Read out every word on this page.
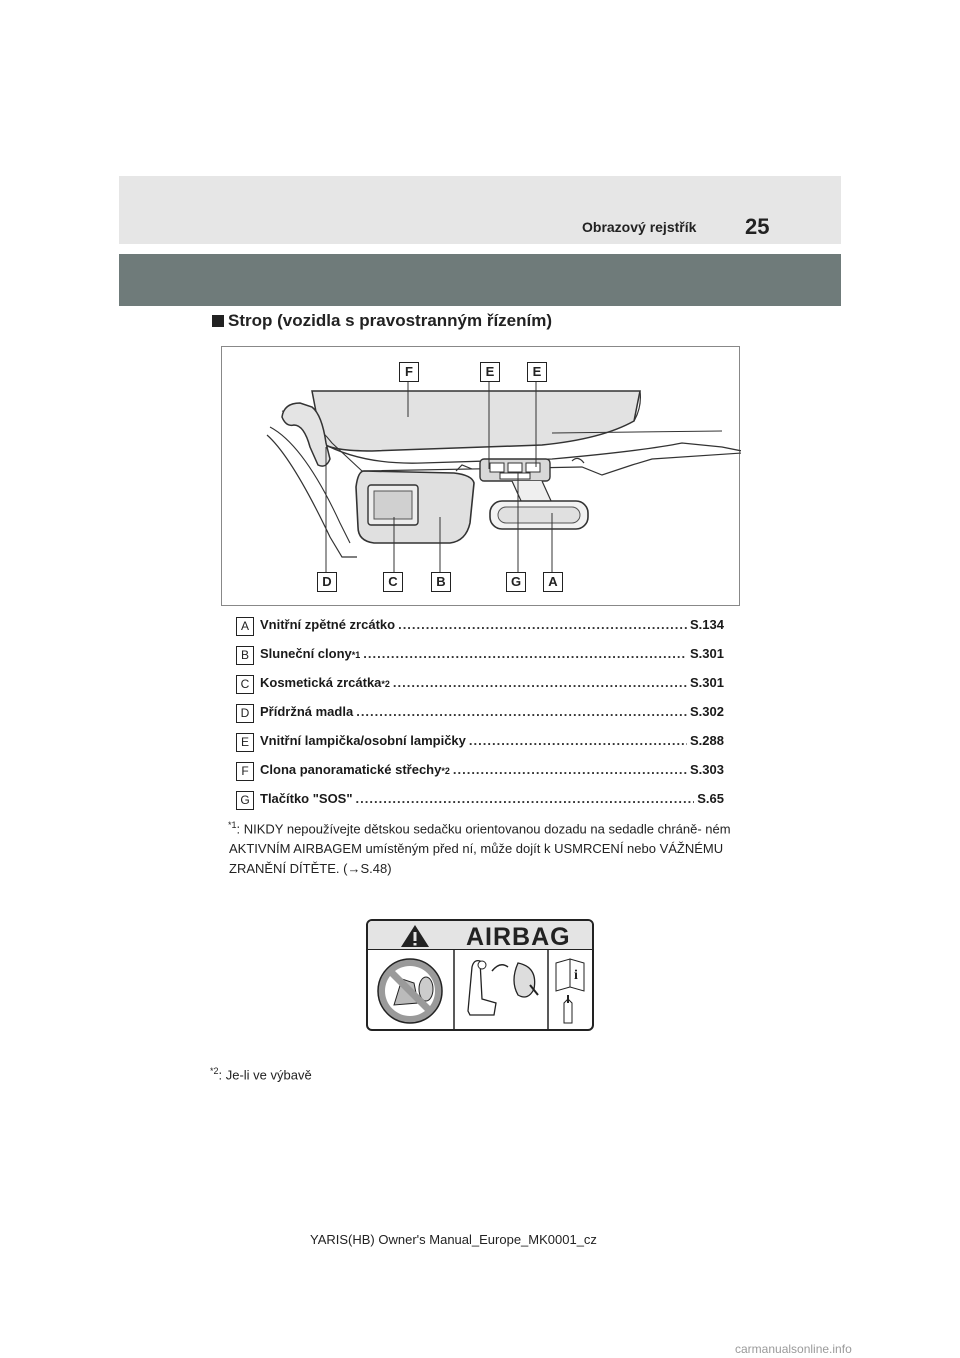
Obrazový rejstřík 25
Strop (vozidla s pravostranným řízením)
F	E	E
D	C	B	G	A
A Vnitřní zpětné zrcátko .....	S.134
B Sluneční clony *1 .....	S.301
C Kosmetická zrcátka *2 .....	S.301
D Přídržná madla .....	S.302
E Vnitřní lampička/osobní lampičky .....	S.288
F Clona panoramatické střechy *2 .....	S.303
G Tlačítko "SOS" .....	S.65
$^{*1}$: NIKDY nepoužívejte dětskou sedačku orientovanou dozadu na sedadle chráně- ném AKTIVNÍM AIRBAGEM umístěným před ní, může dojít k USMRCENÍ nebo VÁŽNÉMU ZRANĚNÍ DÍTĚTE. (→S.48)
AIRBAG
i
$^{*2}$: Je-li ve výbavě
YARIS(HB) Owner's Manual_Europe_MK0001_cz
carmanualsonline.info
